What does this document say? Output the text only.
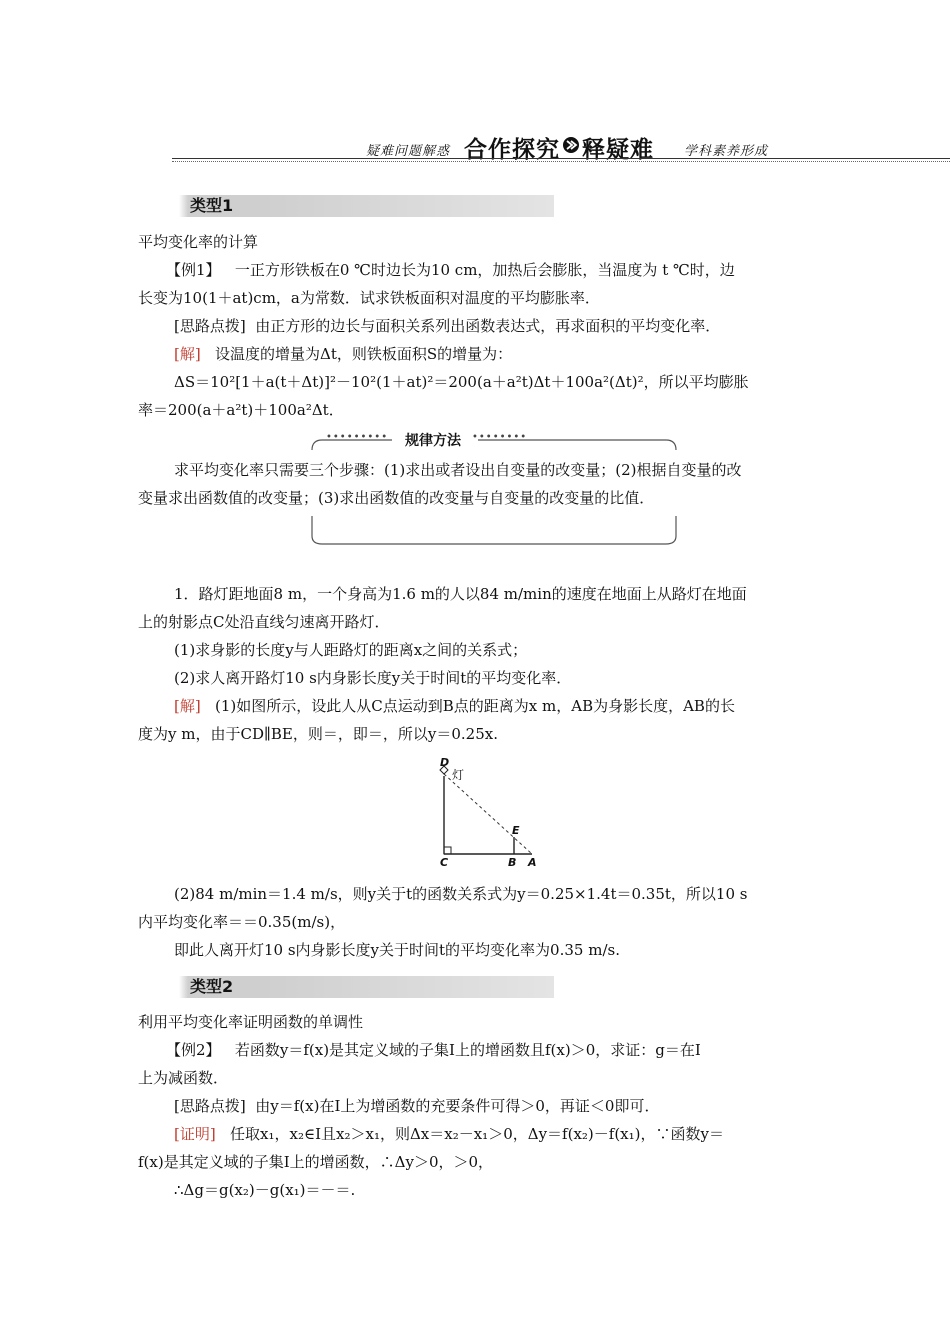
疑难问题解惑 合作探究 释疑难 学科素养形成
类型1
平均变化率的计算
【例1】 一正方形铁板在0 ℃时边长为10 cm，加热后会膨胀，当温度为 t ℃时，边
长变为10(1＋at)cm，a为常数．试求铁板面积对温度的平均膨胀率．
[思路点拨] 由正方形的边长与面积关系列出函数表达式，再求面积的平均变化率．
[解] 设温度的增量为Δt，则铁板面积S的增量为：
ΔS＝10²[1＋a(t＋Δt)]²－10²(1＋at)²＝200(a＋a²t)Δt＋100a²(Δt)²，所以平均膨胀
率＝200(a＋a²t)＋100a²Δt．
•••••••••	规律方法	••••••••
求平均变化率只需要三个步骤：(1)求出或者设出自变量的改变量；(2)根据自变量的改
变量求出函数值的改变量；(3)求出函数值的改变量与自变量的改变量的比值．
1．路灯距地面8 m，一个身高为1.6 m的人以84 m/min的速度在地面上从路灯在地面
上的射影点C处沿直线匀速离开路灯．
(1)求身影的长度y与人距路灯的距离x之间的关系式；
(2)求人离开路灯10 s内身影长度y关于时间t的平均变化率．
[解] (1)如图所示，设此人从C点运动到B点的距离为x m，AB为身影长度，AB的长
度为y m，由于CD∥BE，则＝，即＝，所以y＝0.25x.
D
灯
E
C	B A
(2)84 m/min＝1.4 m/s，则y关于t的函数关系式为y＝0.25×1.4t＝0.35t，所以10 s
内平均变化率＝＝0.35(m/s)，
即此人离开灯10 s内身影长度y关于时间t的平均变化率为0.35 m/s.
类型2
利用平均变化率证明函数的单调性
【例2】 若函数y＝f(x)是其定义域的子集I上的增函数且f(x)＞0，求证：g＝在I
上为减函数．
[思路点拨] 由y＝f(x)在I上为增函数的充要条件可得＞0，再证＜0即可．
[证明] 任取x₁，x₂∈I且x₂＞x₁，则Δx＝x₂－x₁＞0，Δy＝f(x₂)－f(x₁)，∵函数y＝
f(x)是其定义域的子集I上的增函数，∴Δy＞0，＞0，
∴Δg＝g(x₂)－g(x₁)＝－＝.
